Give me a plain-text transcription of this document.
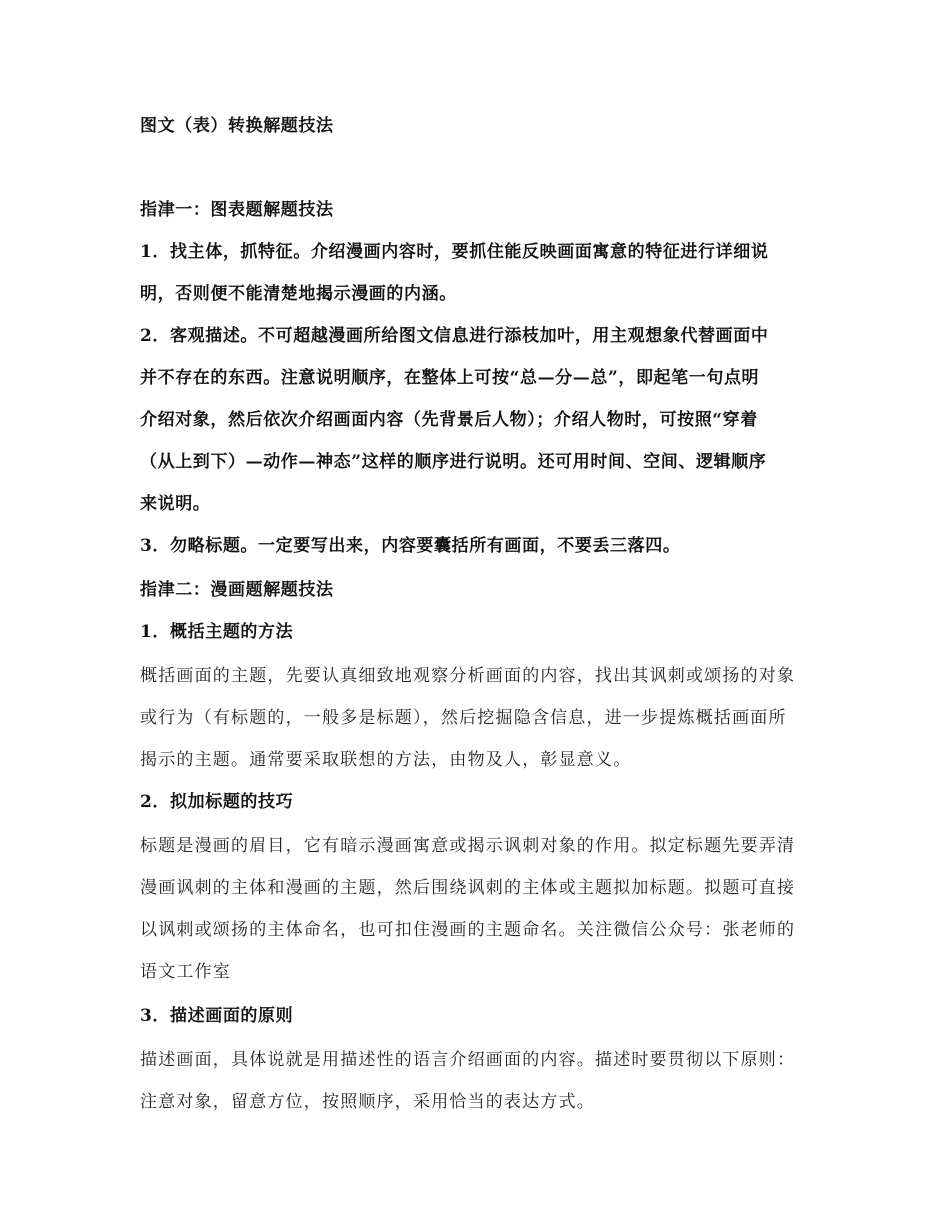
图文（表）转换解题技法
指津一：图表题解题技法
1．找主体，抓特征。介绍漫画内容时，要抓住能反映画面寓意的特征进行详细说
明，否则便不能清楚地揭示漫画的内涵。
2．客观描述。不可超越漫画所给图文信息进行添枝加叶，用主观想象代替画面中
并不存在的东西。注意说明顺序，在整体上可按“总—分—总”，即起笔一句点明
介绍对象，然后依次介绍画面内容（先背景后人物）；介绍人物时，可按照“穿着
（从上到下）—动作—神态”这样的顺序进行说明。还可用时间、空间、逻辑顺序
来说明。
3．勿略标题。一定要写出来，内容要囊括所有画面，不要丢三落四。
指津二：漫画题解题技法
1．概括主题的方法
概括画面的主题，先要认真细致地观察分析画面的内容，找出其讽刺或颂扬的对象
或行为（有标题的，一般多是标题），然后挖掘隐含信息，进一步提炼概括画面所
揭示的主题。通常要采取联想的方法，由物及人，彰显意义。
2．拟加标题的技巧
标题是漫画的眉目，它有暗示漫画寓意或揭示讽刺对象的作用。拟定标题先要弄清
漫画讽刺的主体和漫画的主题，然后围绕讽刺的主体或主题拟加标题。拟题可直接
以讽刺或颂扬的主体命名，也可扣住漫画的主题命名。关注微信公众号：张老师的
语文工作室
3．描述画面的原则
描述画面，具体说就是用描述性的语言介绍画面的内容。描述时要贯彻以下原则：
注意对象，留意方位，按照顺序，采用恰当的表达方式。
